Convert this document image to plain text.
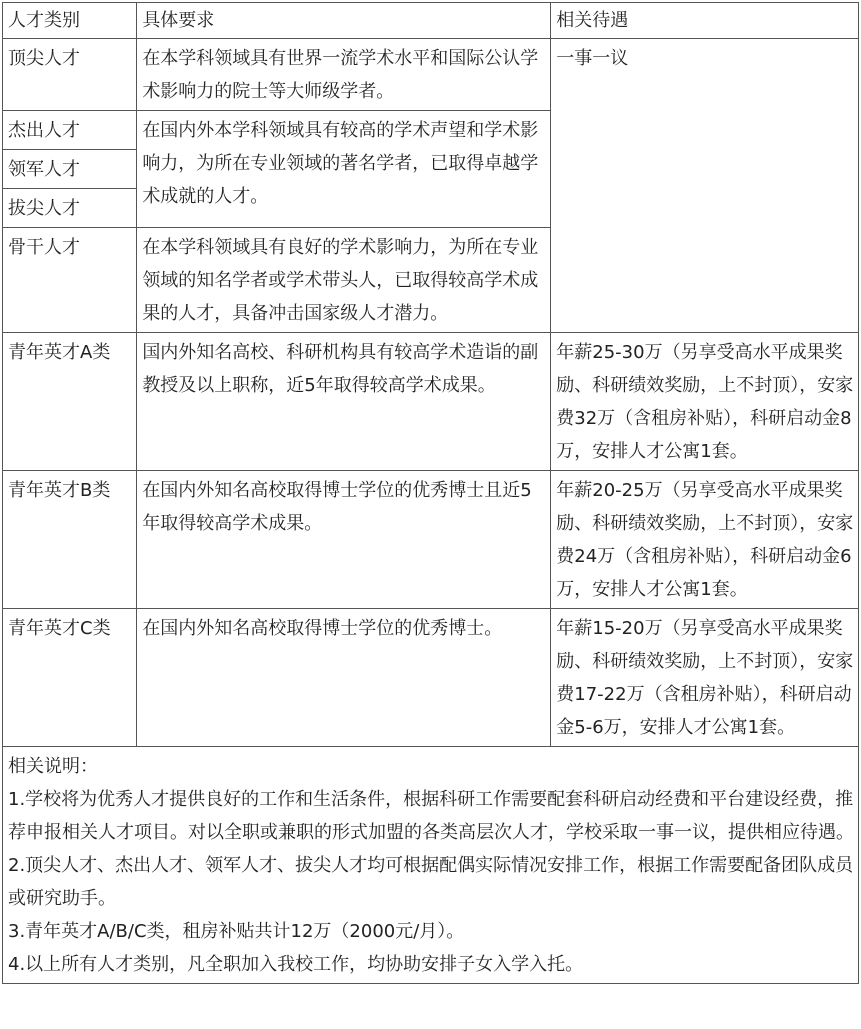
人才类别	具体要求	相关待遇
顶尖人才	在本学科领域具有世界一流学术水平和国际公认学术影响力的院士等大师级学者。	一事一议
杰出人才	在国内外本学科领域具有较高的学术声望和学术影响力，为所在专业领域的著名学者，已取得卓越学术成就的人才。	
领军人才		
拔尖人才		
骨干人才	在本学科领域具有良好的学术影响力，为所在专业领域的知名学者或学术带头人，已取得较高学术成果的人才，具备冲击国家级人才潜力。	
青年英才A类	国内外知名高校、科研机构具有较高学术造诣的副教授及以上职称，近5年取得较高学术成果。	年薪25-30万（另享受高水平成果奖励、科研绩效奖励，上不封顶），安家费32万（含租房补贴），科研启动金8万，安排人才公寓1套。
青年英才B类	在国内外知名高校取得博士学位的优秀博士且近5年取得较高学术成果。	年薪20-25万（另享受高水平成果奖励、科研绩效奖励，上不封顶），安家费24万（含租房补贴），科研启动金6万，安排人才公寓1套。
青年英才C类	在国内外知名高校取得博士学位的优秀博士。	年薪15-20万（另享受高水平成果奖励、科研绩效奖励，上不封顶），安家费17-22万（含租房补贴），科研启动金5-6万，安排人才公寓1套。

相关说明：
1.学校将为优秀人才提供良好的工作和生活条件，根据科研工作需要配套科研启动经费和平台建设经费，推荐申报相关人才项目。对以全职或兼职的形式加盟的各类高层次人才，学校采取一事一议，提供相应待遇。
2.顶尖人才、杰出人才、领军人才、拔尖人才均可根据配偶实际情况安排工作，根据工作需要配备团队成员或研究助手。
3.青年英才A/B/C类，租房补贴共计12万（2000元/月）。
4.以上所有人才类别，凡全职加入我校工作，均协助安排子女入学入托。		
